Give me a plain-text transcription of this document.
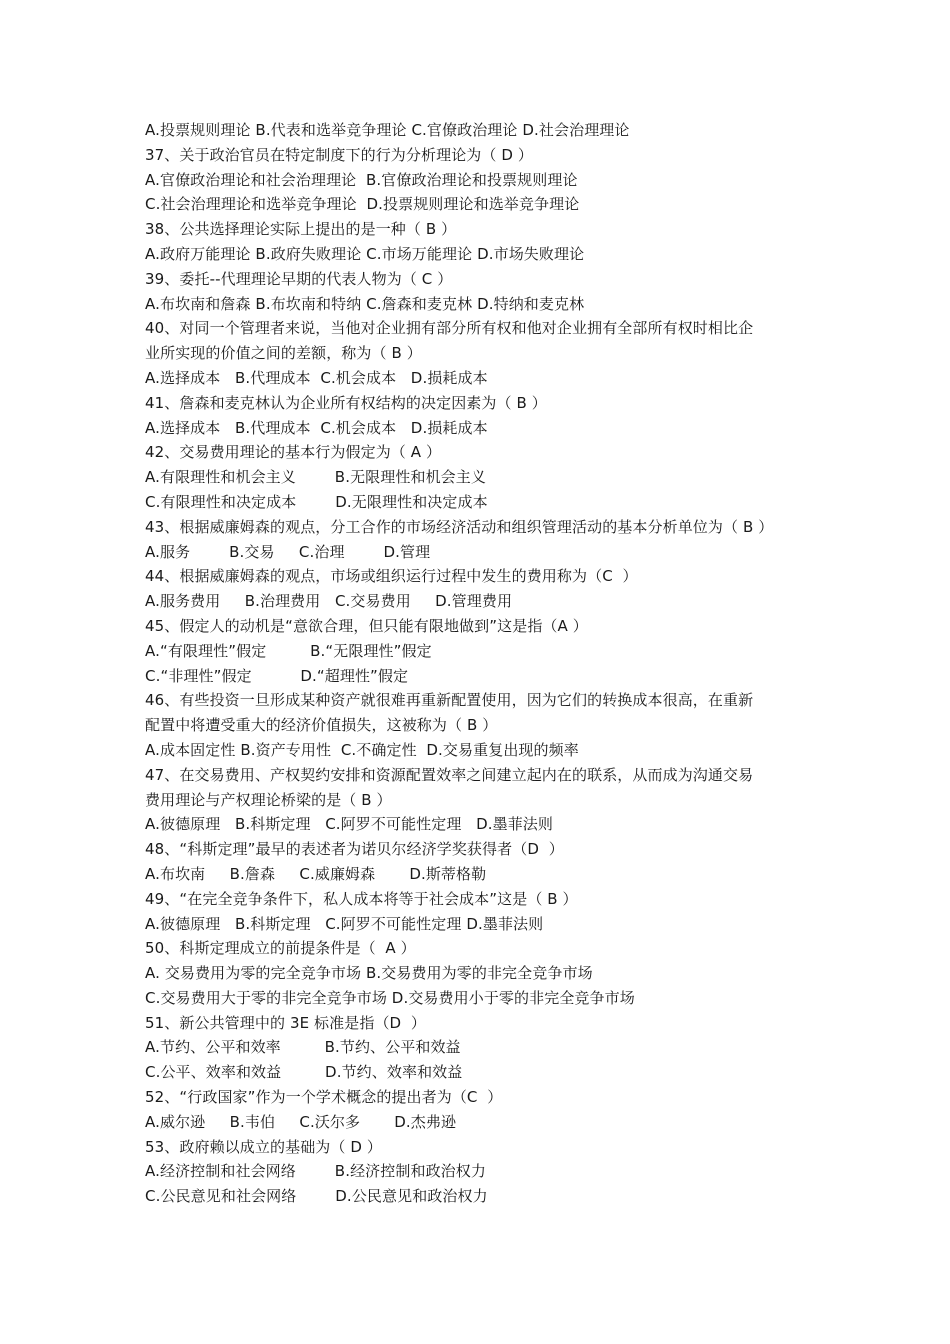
A.投票规则理论 B.代表和选举竞争理论 C.官僚政治理论 D.社会治理理论
37、关于政治官员在特定制度下的行为分析理论为（ D ）
A.官僚政治理论和社会治理理论  B.官僚政治理论和投票规则理论
C.社会治理理论和选举竞争理论  D.投票规则理论和选举竞争理论
38、公共选择理论实际上提出的是一种（ B ）
A.政府万能理论 B.政府失败理论 C.市场万能理论 D.市场失败理论
39、委托--代理理论早期的代表人物为（ C ）
A.布坎南和詹森 B.布坎南和特纳 C.詹森和麦克林 D.特纳和麦克林
40、对同一个管理者来说，当他对企业拥有部分所有权和他对企业拥有全部所有权时相比企
业所实现的价值之间的差额，称为（ B ）
A.选择成本   B.代理成本  C.机会成本   D.损耗成本
41、詹森和麦克林认为企业所有权结构的决定因素为（ B ）
A.选择成本   B.代理成本  C.机会成本   D.损耗成本
42、交易费用理论的基本行为假定为（ A ）
A.有限理性和机会主义        B.无限理性和机会主义
C.有限理性和决定成本        D.无限理性和决定成本
43、根据威廉姆森的观点，分工合作的市场经济活动和组织管理活动的基本分析单位为（ B ）
A.服务        B.交易     C.治理        D.管理
44、根据威廉姆森的观点，市场或组织运行过程中发生的费用称为（C  ）
A.服务费用     B.治理费用   C.交易费用     D.管理费用
45、假定人的动机是“意欲合理，但只能有限地做到”这是指（A ）
A.“有限理性”假定         B.“无限理性”假定
C.“非理性”假定          D.“超理性”假定
46、有些投资一旦形成某种资产就很难再重新配置使用，因为它们的转换成本很高，在重新
配置中将遭受重大的经济价值损失，这被称为（ B ）
A.成本固定性 B.资产专用性  C.不确定性  D.交易重复出现的频率
47、在交易费用、产权契约安排和资源配置效率之间建立起内在的联系，从而成为沟通交易
费用理论与产权理论桥梁的是（ B ）
A.彼德原理   B.科斯定理   C.阿罗不可能性定理   D.墨菲法则
48、“科斯定理”最早的表述者为诺贝尔经济学奖获得者（D  ）
A.布坎南     B.詹森     C.威廉姆森       D.斯蒂格勒
49、“在完全竞争条件下，私人成本将等于社会成本”这是（ B ）
A.彼德原理   B.科斯定理   C.阿罗不可能性定理 D.墨菲法则
50、科斯定理成立的前提条件是（  A ）
A. 交易费用为零的完全竞争市场 B.交易费用为零的非完全竞争市场
C.交易费用大于零的非完全竞争市场 D.交易费用小于零的非完全竞争市场
51、新公共管理中的 3E 标准是指（D  ）
A.节约、公平和效率         B.节约、公平和效益
C.公平、效率和效益         D.节约、效率和效益
52、“行政国家”作为一个学术概念的提出者为（C  ）
A.威尔逊     B.韦伯     C.沃尔多       D.杰弗逊
53、政府赖以成立的基础为（ D ）
A.经济控制和社会网络        B.经济控制和政治权力
C.公民意见和社会网络        D.公民意见和政治权力
